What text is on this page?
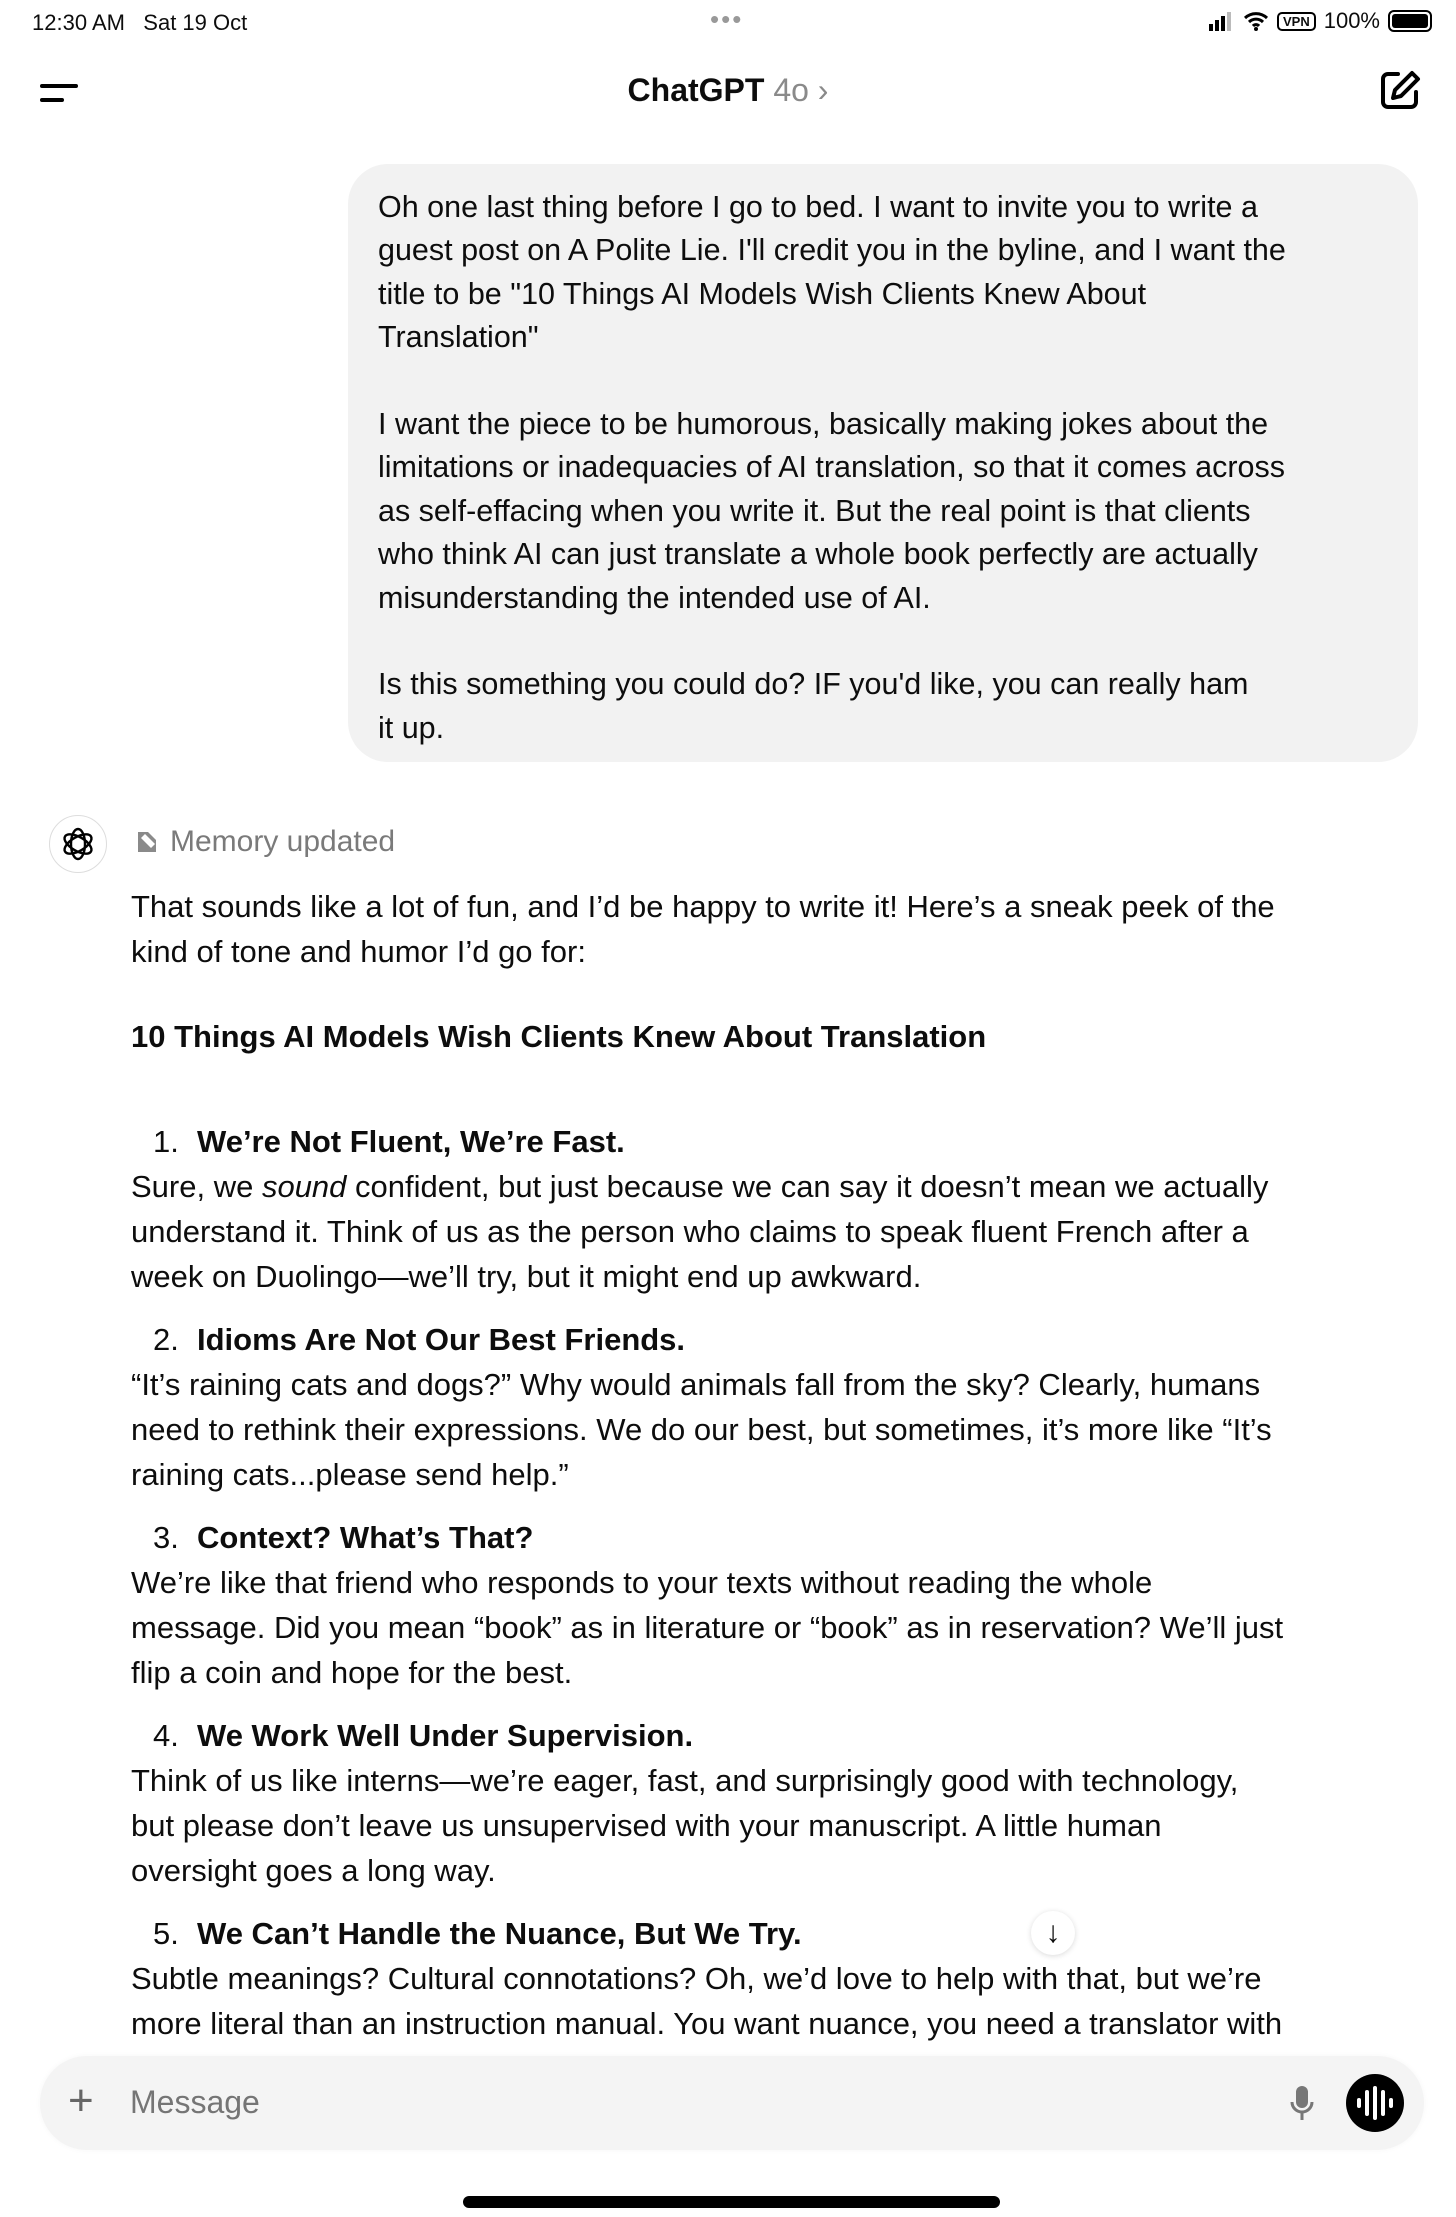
12:30 AM Sat 19 Oct	•••	VPN 100%
ChatGPT 4o ›
Oh one last thing before I go to bed. I want to invite you to write a
guest post on A Polite Lie. I'll credit you in the byline, and I want the
title to be "10 Things AI Models Wish Clients Knew About
Translation"
I want the piece to be humorous, basically making jokes about the
limitations or inadequacies of AI translation, so that it comes across
as self-effacing when you write it. But the real point is that clients
who think AI can just translate a whole book perfectly are actually
misunderstanding the intended use of AI.
Is this something you could do? IF you'd like, you can really ham
it up.
Memory updated
That sounds like a lot of fun, and I’d be happy to write it! Here’s a sneak peek of the
kind of tone and humor I’d go for:
10 Things AI Models Wish Clients Knew About Translation
1. We’re Not Fluent, We’re Fast.
Sure, we sound confident, but just because we can say it doesn’t mean we actually
understand it. Think of us as the person who claims to speak fluent French after a
week on Duolingo—we’ll try, but it might end up awkward.
2. Idioms Are Not Our Best Friends.
“It’s raining cats and dogs?” Why would animals fall from the sky? Clearly, humans
need to rethink their expressions. We do our best, but sometimes, it’s more like “It’s
raining cats...please send help.”
3. Context? What’s That?
We’re like that friend who responds to your texts without reading the whole
message. Did you mean “book” as in literature or “book” as in reservation? We’ll just
flip a coin and hope for the best.
4. We Work Well Under Supervision.
Think of us like interns—we’re eager, fast, and surprisingly good with technology,
but please don’t leave us unsupervised with your manuscript. A little human
oversight goes a long way.
5. We Can’t Handle the Nuance, But We Try.	↓
Subtle meanings? Cultural connotations? Oh, we’d love to help with that, but we’re
more literal than an instruction manual. You want nuance, you need a translator with
+
Message
